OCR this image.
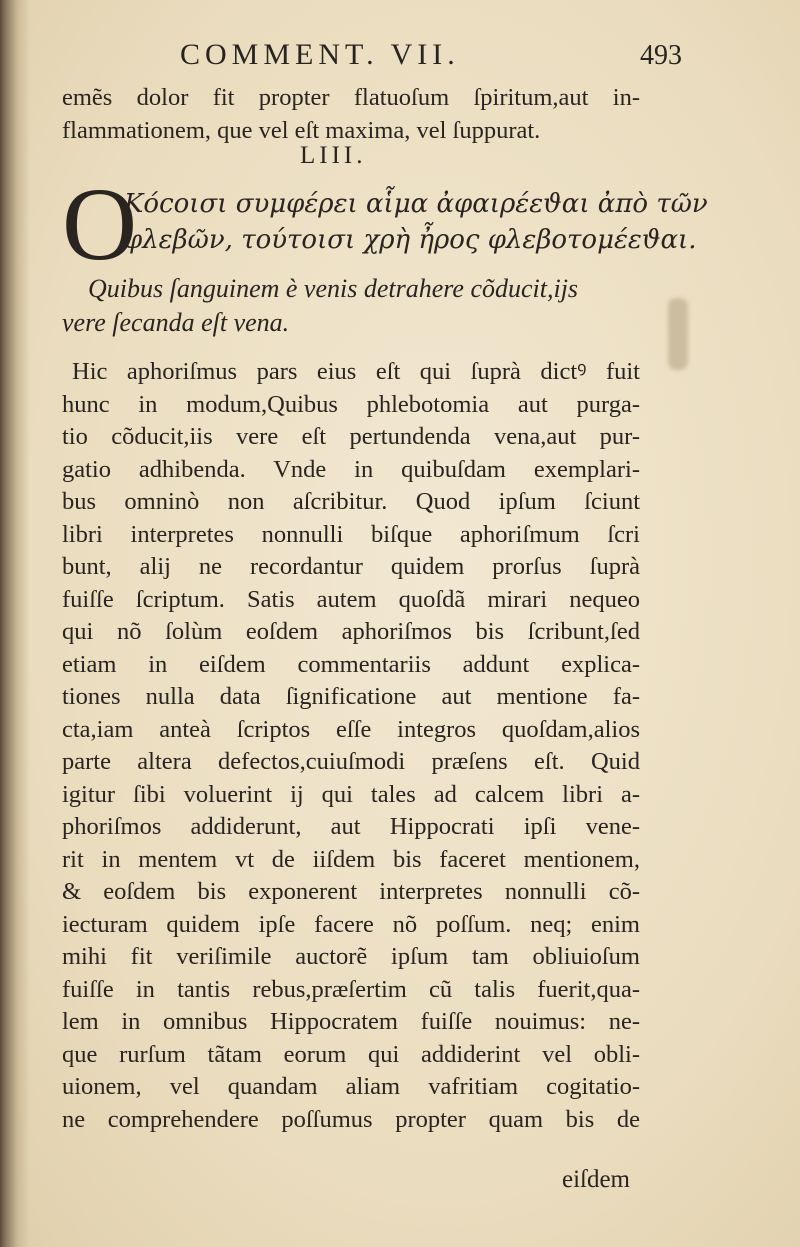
COMMENT. VII.	493
emẽs dolor fit propter flatuoſum ſpiritum,aut in-
flammationem, que vel eſt maxima, vel ſuppurat.
LIII.
O
Κόϲοισι συμφέρει αἷμα ἀφαιρέεϑαι ἀπὸ τῶν
φλεβῶν, τούτοισι χρὴ ἦρος φλεβοτομέεϑαι.
Quibus ſanguinem è venis detrahere cõducit,ijs
vere ſecanda eſt vena.
Hic aphoriſmus pars eius eſt qui ſuprà dictꝰ fuit
hunc in modum,Quibus phlebotomia aut purga-
tio cõducit,iis vere eſt pertundenda vena,aut pur-
gatio adhibenda. Vnde in quibuſdam exemplari-
bus omninò non aſcribitur. Quod ipſum ſciunt
libri interpretes nonnulli biſque aphoriſmum ſcri
bunt, alij ne recordantur quidem prorſus ſuprà
fuiſſe ſcriptum. Satis autem quoſdã mirari nequeo
qui nõ ſolùm eoſdem aphoriſmos bis ſcribunt,ſed
etiam in eiſdem commentariis addunt explica-
tiones nulla data ſignificatione aut mentione fa-
cta,iam anteà ſcriptos eſſe integros quoſdam,alios
parte altera defectos,cuiuſmodi præſens eſt. Quid
igitur ſibi voluerint ij qui tales ad calcem libri a-
phoriſmos addiderunt, aut Hippocrati ipſi vene-
rit in mentem vt de iiſdem bis faceret mentionem,
& eoſdem bis exponerent interpretes nonnulli cõ-
iecturam quidem ipſe facere nõ poſſum. neq; enim
mihi fit veriſimile auctorẽ ipſum tam obliuioſum
fuiſſe in tantis rebus,præſertim cũ talis fuerit,qua-
lem in omnibus Hippocratem fuiſſe nouimus: ne-
que rurſum tãtam eorum qui addiderint vel obli-
uionem, vel quandam aliam vafritiam cogitatio-
ne comprehendere poſſumus propter quam bis de
eiſdem
